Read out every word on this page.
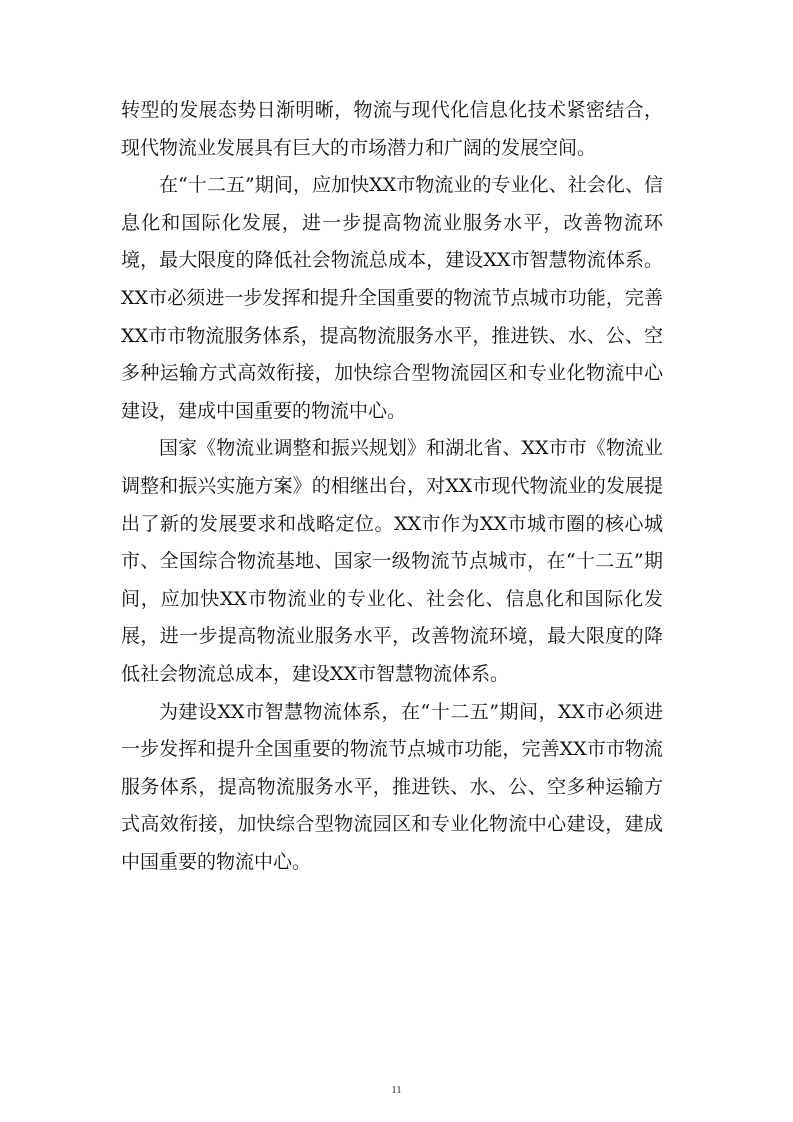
转型的发展态势日渐明晰，物流与现代化信息化技术紧密结合，现代物流业发展具有巨大的市场潜力和广阔的发展空间。

在“十二五”期间，应加快XX市物流业的专业化、社会化、信息化和国际化发展，进一步提高物流业服务水平，改善物流环境，最大限度的降低社会物流总成本，建设XX市智慧物流体系。XX市必须进一步发挥和提升全国重要的物流节点城市功能，完善XX市市物流服务体系，提高物流服务水平，推进铁、水、公、空多种运输方式高效衔接，加快综合型物流园区和专业化物流中心建设，建成中国重要的物流中心。

国家《物流业调整和振兴规划》和湖北省、XX市市《物流业调整和振兴实施方案》的相继出台，对XX市现代物流业的发展提出了新的发展要求和战略定位。XX市作为XX市城市圈的核心城市、全国综合物流基地、国家一级物流节点城市，在“十二五”期间，应加快XX市物流业的专业化、社会化、信息化和国际化发展，进一步提高物流业服务水平，改善物流环境，最大限度的降低社会物流总成本，建设XX市智慧物流体系。

为建设XX市智慧物流体系，在“十二五”期间，XX市必须进一步发挥和提升全国重要的物流节点城市功能，完善XX市市物流服务体系，提高物流服务水平，推进铁、水、公、空多种运输方式高效衔接，加快综合型物流园区和专业化物流中心建设，建成中国重要的物流中心。

11
